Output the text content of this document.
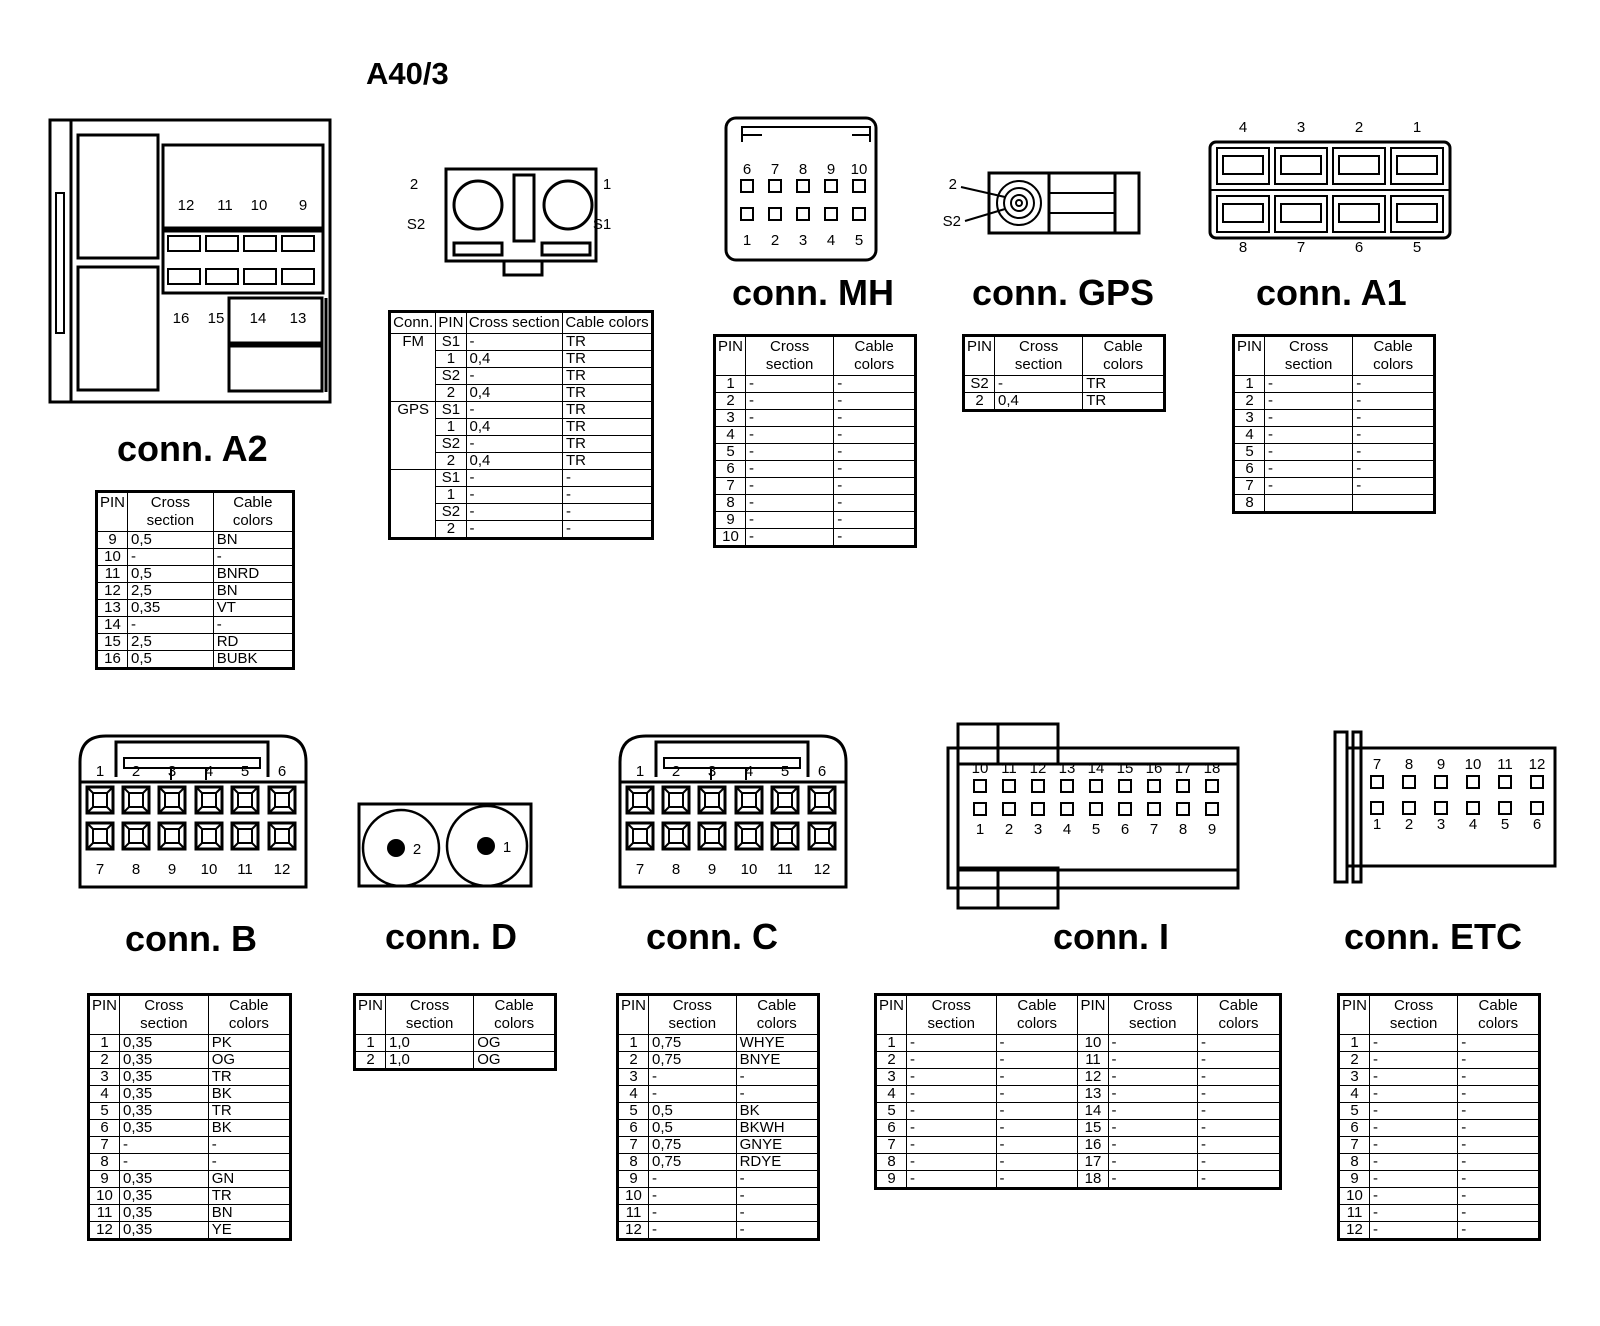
A40/3
conn. A2
conn. MH conn. GPS	conn. A1
conn. B	conn. D	conn. C	conn. I	conn. ETC
12 11 10 9
16 15 14 13
2
S2
1
S1
6
1
7
2
8
3
9
4
10
5
2
S2
4
8
3
7
2
6
1
5
1
7
2
8
3
9
4
10
5
11
6
12
2	1
1
7
2
8
3
9
4
10
5
11
6
12
10
1
11
2
12
3
13
4
14
5
15
6
16
7
17
8
18
9
7
1
8
2
9
3
10
4
11
5
12
6
PIN	Cross section	Cable colors
9	0,5	BN
10	-	-
11	0,5	BNRD
12	2,5	BN
13	0,35	VT
14	-	-
15	2,5	RD
16	0,5	BUBK
Conn.	PIN	Cross section	Cable colors
FM	S1	-	TR
	1	0,4	TR
	S2	-	TR
	2	0,4	TR
GPS	S1	-	TR
	1	0,4	TR
	S2	-	TR
	2	0,4	TR
	S1	-	-
	1	-	-
	S2	-	-
	2	-	-
PIN	Cross section	Cable colors
1	-	-
2	-	-
3	-	-
4	-	-
5	-	-
6	-	-
7	-	-
8	-	-
9	-	-
10	-	-
PIN	Cross section	Cable colors
S2	-	TR
2	0,4	TR
PIN	Cross section	Cable colors
1	-	-
2	-	-
3	-	-
4	-	-
5	-	-
6	-	-
7	-	-
8		
PIN	Cross section	Cable colors
1	0,35	PK
2	0,35	OG
3	0,35	TR
4	0,35	BK
5	0,35	TR
6	0,35	BK
7	-	-
8	-	-
9	0,35	GN
10	0,35	TR
11	0,35	BN
12	0,35	YE
PIN	Cross section	Cable colors
1	1,0	OG
2	1,0	OG
PIN	Cross section	Cable colors
1	0,75	WHYE
2	0,75	BNYE
3	-	-
4	-	-
5	0,5	BK
6	0,5	BKWH
7	0,75	GNYE
8	0,75	RDYE
9	-	-
10	-	-
11	-	-
12	-	-
PIN	Cross section	Cable colors	PIN	Cross section	Cable colors
1	-	-	10	-	-
2	-	-	11	-	-
3	-	-	12	-	-
4	-	-	13	-	-
5	-	-	14	-	-
6	-	-	15	-	-
7	-	-	16	-	-
8	-	-	17	-	-
9	-	-	18	-	-
PIN	Cross section	Cable colors
1	-	-
2	-	-
3	-	-
4	-	-
5	-	-
6	-	-
7	-	-
8	-	-
9	-	-
10	-	-
11	-	-
12	-	-
